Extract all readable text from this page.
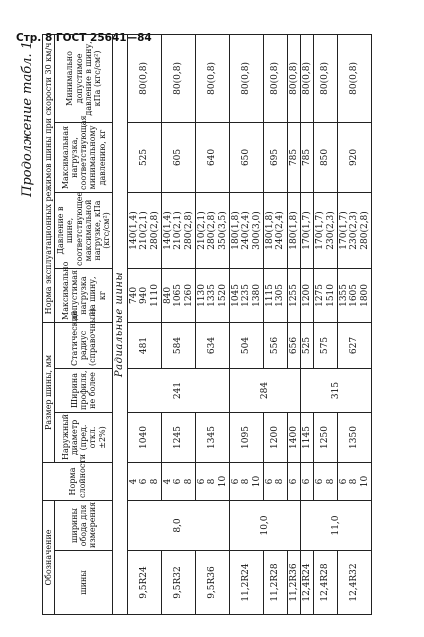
Стр. 8 ГОСТ 25641—84
Продолжение табл. 1
Обозначение		Норма слойности	Размер шины, мм			Норма эксплуатационных режимов шины при скорости 30 км/ч			
шины	ширины обода для измерения		Наружный диаметр (пред. откл. ±2%)	Ширина профиля, не более	Статический радиус (справочный)	Максимально допустимая нагрузка на шину, кг	Давление в шине, соответствующее максимальной нагрузке, кПа (кгс/см²)	Максимальная нагрузка, соответствующая минимальному давлению, кг	Минимально допустимое давление в шину, кПа (кгс/см²)
Радиальные шины									
9,5R24	8,0	4
6
8	1040	241	481	740
940
1110	140(1,4)
210(2,1)
280(2,8)	525	80(0,8)
9,5R32		4
6
8	1245		584	840
1065
1260	140(1,4)
210(2,1)
280(2,8)	605	80(0,8)
9,5R36		6
8
10	1345		634	1130
1335
1520	210(2,1)
280(2,8)
350(3,5)	640	80(0,8)
11,2R24	10,0	6
8
10	1095	284	504	1045
1235
1380	180(1,8)
240(2,4)
300(3,0)	650	80(0,8)
11,2R28		6
8	1200		556	1115
1305	180(1,8)
240(2,4)	695	80(0,8)
11,2R36		6	1400		656	1255	180(1,8)	785	80(0,8)
12,4R24	11,0	6	1145	315	525	1200	170(1,7)	785	80(0,8)
12,4R28		6
8	1250		575	1275
1510	170(1,7)
230(2,3)	850	80(0,8)
12,4R32		6
8
10	1350		627	1355
1605
1800	170(1,7)
230(2,3)
280(2,8)	920	80(0,8)
